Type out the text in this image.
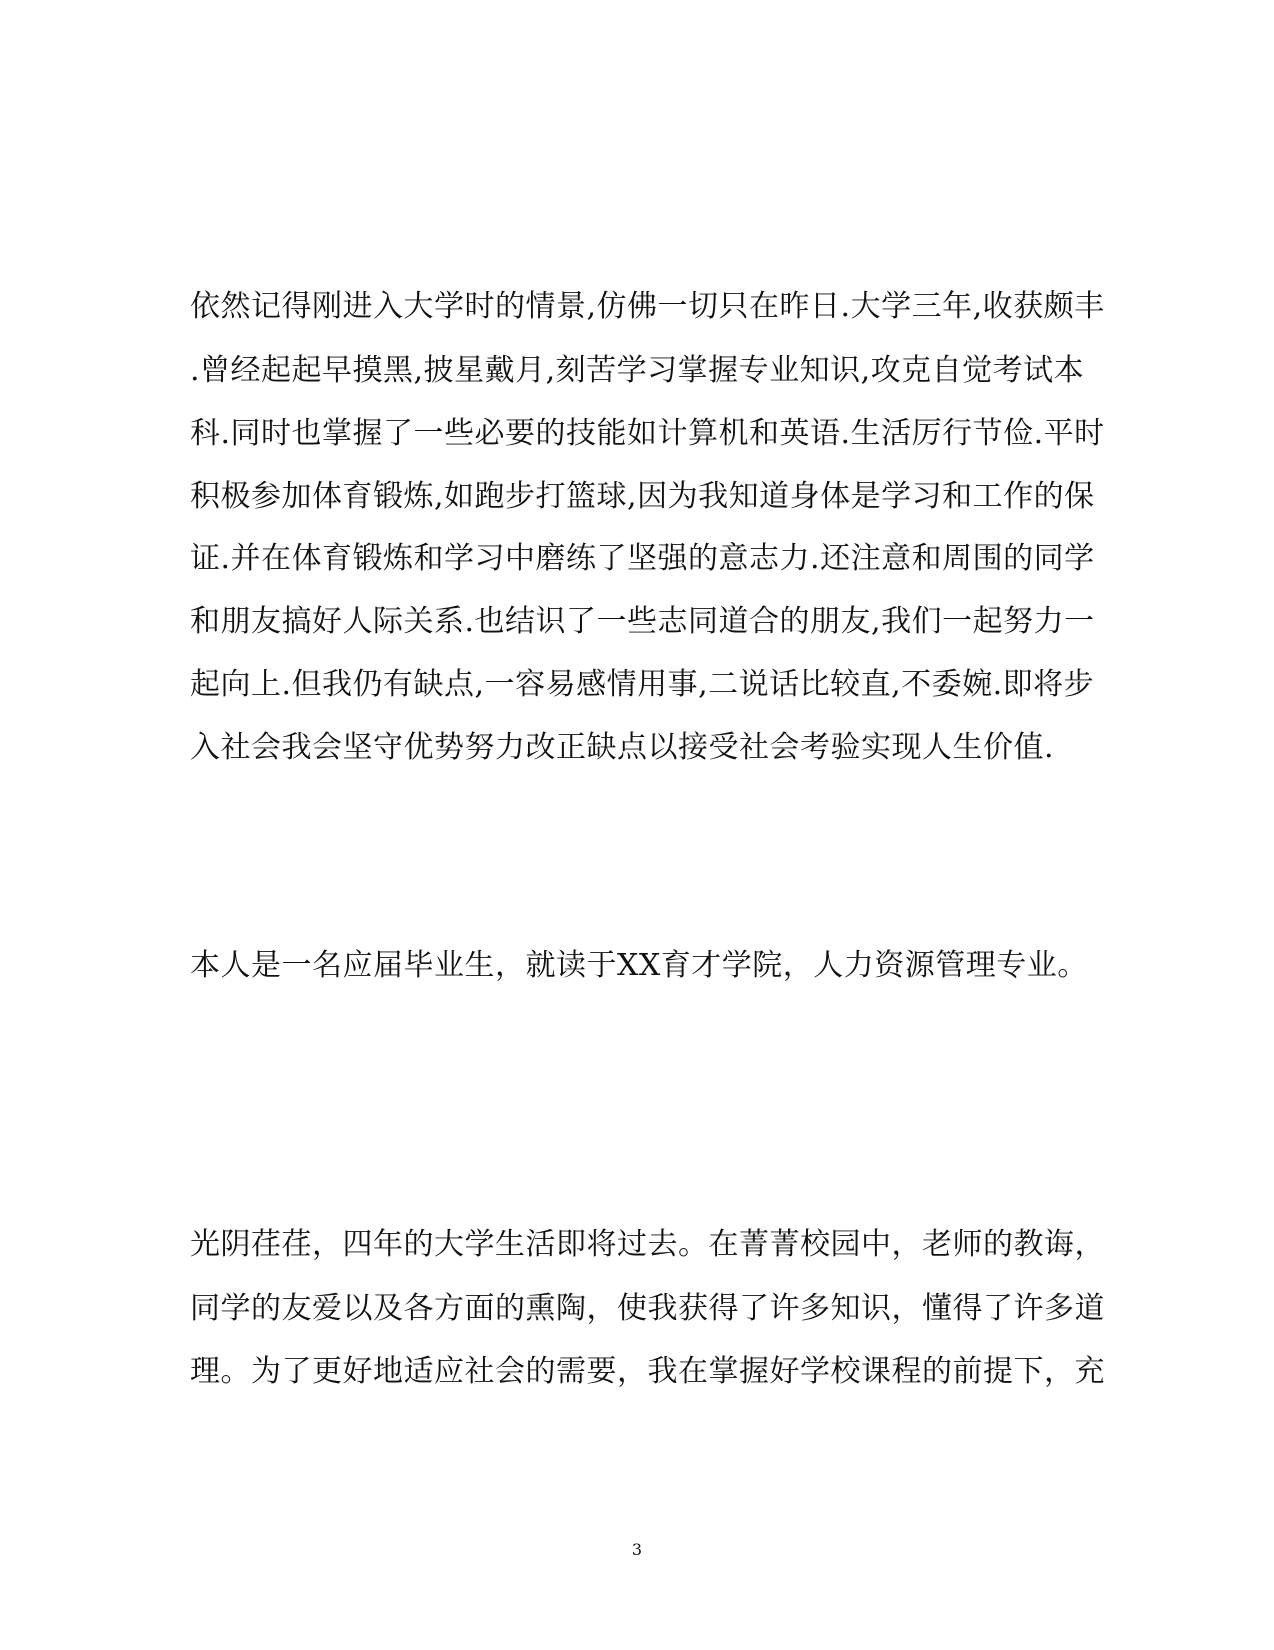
依然记得刚进入大学时的情景,仿佛一切只在昨日.大学三年,收获颇丰
.曾经起起早摸黑,披星戴月,刻苦学习掌握专业知识,攻克自觉考试本
科.同时也掌握了一些必要的技能如计算机和英语.生活厉行节俭.平时
积极参加体育锻炼,如跑步打篮球,因为我知道身体是学习和工作的保
证.并在体育锻炼和学习中磨练了坚强的意志力.还注意和周围的同学
和朋友搞好人际关系.也结识了一些志同道合的朋友,我们一起努力一
起向上.但我仍有缺点,一容易感情用事,二说话比较直,不委婉.即将步
入社会我会坚守优势努力改正缺点以接受社会考验实现人生价值.
本人是一名应届毕业生，就读于XX育才学院，人力资源管理专业。
光阴荏荏，四年的大学生活即将过去。在菁菁校园中，老师的教诲，
同学的友爱以及各方面的熏陶，使我获得了许多知识，懂得了许多道
理。为了更好地适应社会的需要，我在掌握好学校课程的前提下，充
3
